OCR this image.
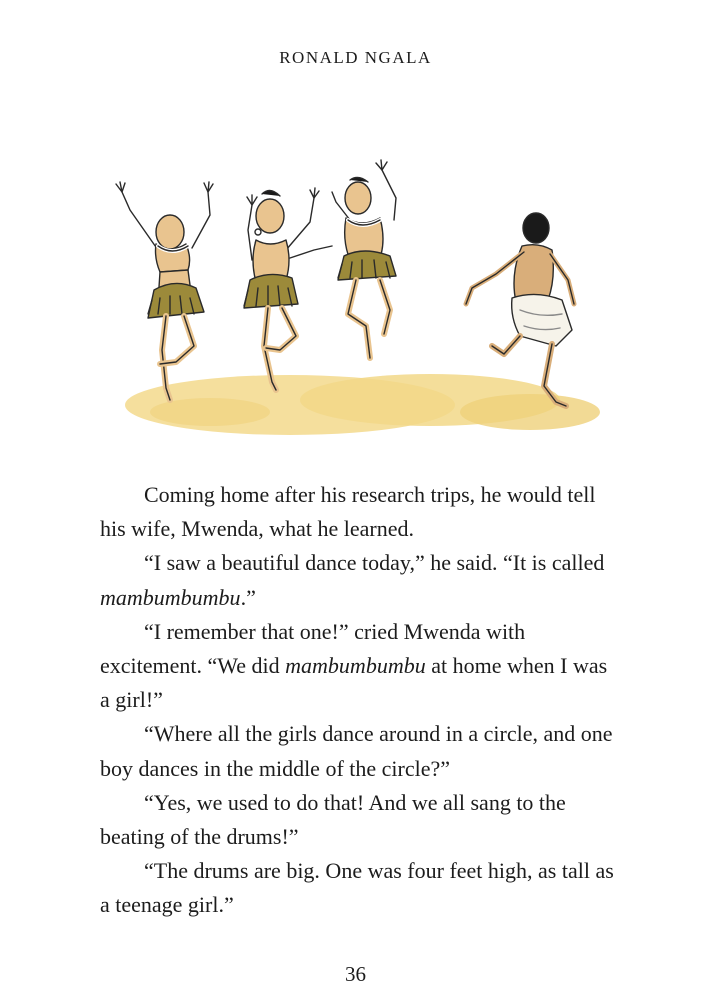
RONALD NGALA

Coming home after his research trips, he would tell his wife, Mwenda, what he learned.

“I saw a beautiful dance today,” he said. “It is called mambumbumbu.”

“I remember that one!” cried Mwenda with excitement. “We did mambumbumbu at home when I was a girl!”

“Where all the girls dance around in a circle, and one boy dances in the middle of the circle?”

“Yes, we used to do that! And we all sang to the beating of the drums!”

“The drums are big. One was four feet high, as tall as a teenage girl.”

36
